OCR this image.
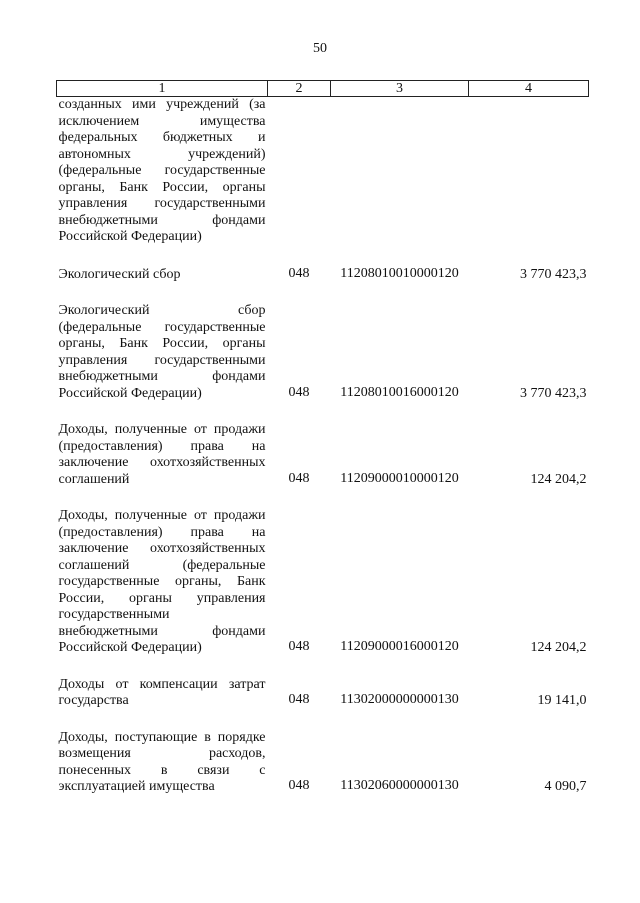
50
1	2	3	4
созданных ими учреждений (за исключением имущества федеральных бюджетных и автономных учреждений) (федеральные государственные органы, Банк России, органы управления государственными внебюджетными фондами Российской Федерации)			

Экологический сбор	048	11208010010000120	3 770 423,3

Экологический сбор (федеральные государственные органы, Банк России, органы управления государственными внебюджетными фондами Российской Федерации)	048	11208010016000120	3 770 423,3

Доходы, полученные от продажи (предоставления) права на заключение охотхозяйственных соглашений	048	11209000010000120	124 204,2

Доходы, полученные от продажи (предоставления) права на заключение охотхозяйственных соглашений (федеральные государственные органы, Банк России, органы управления государственными внебюджетными фондами Российской Федерации)	048	11209000016000120	124 204,2

Доходы от компенсации затрат государства	048	11302000000000130	19 141,0

Доходы, поступающие в порядке возмещения расходов, понесенных в связи с эксплуатацией имущества	048	11302060000000130	4 090,7
